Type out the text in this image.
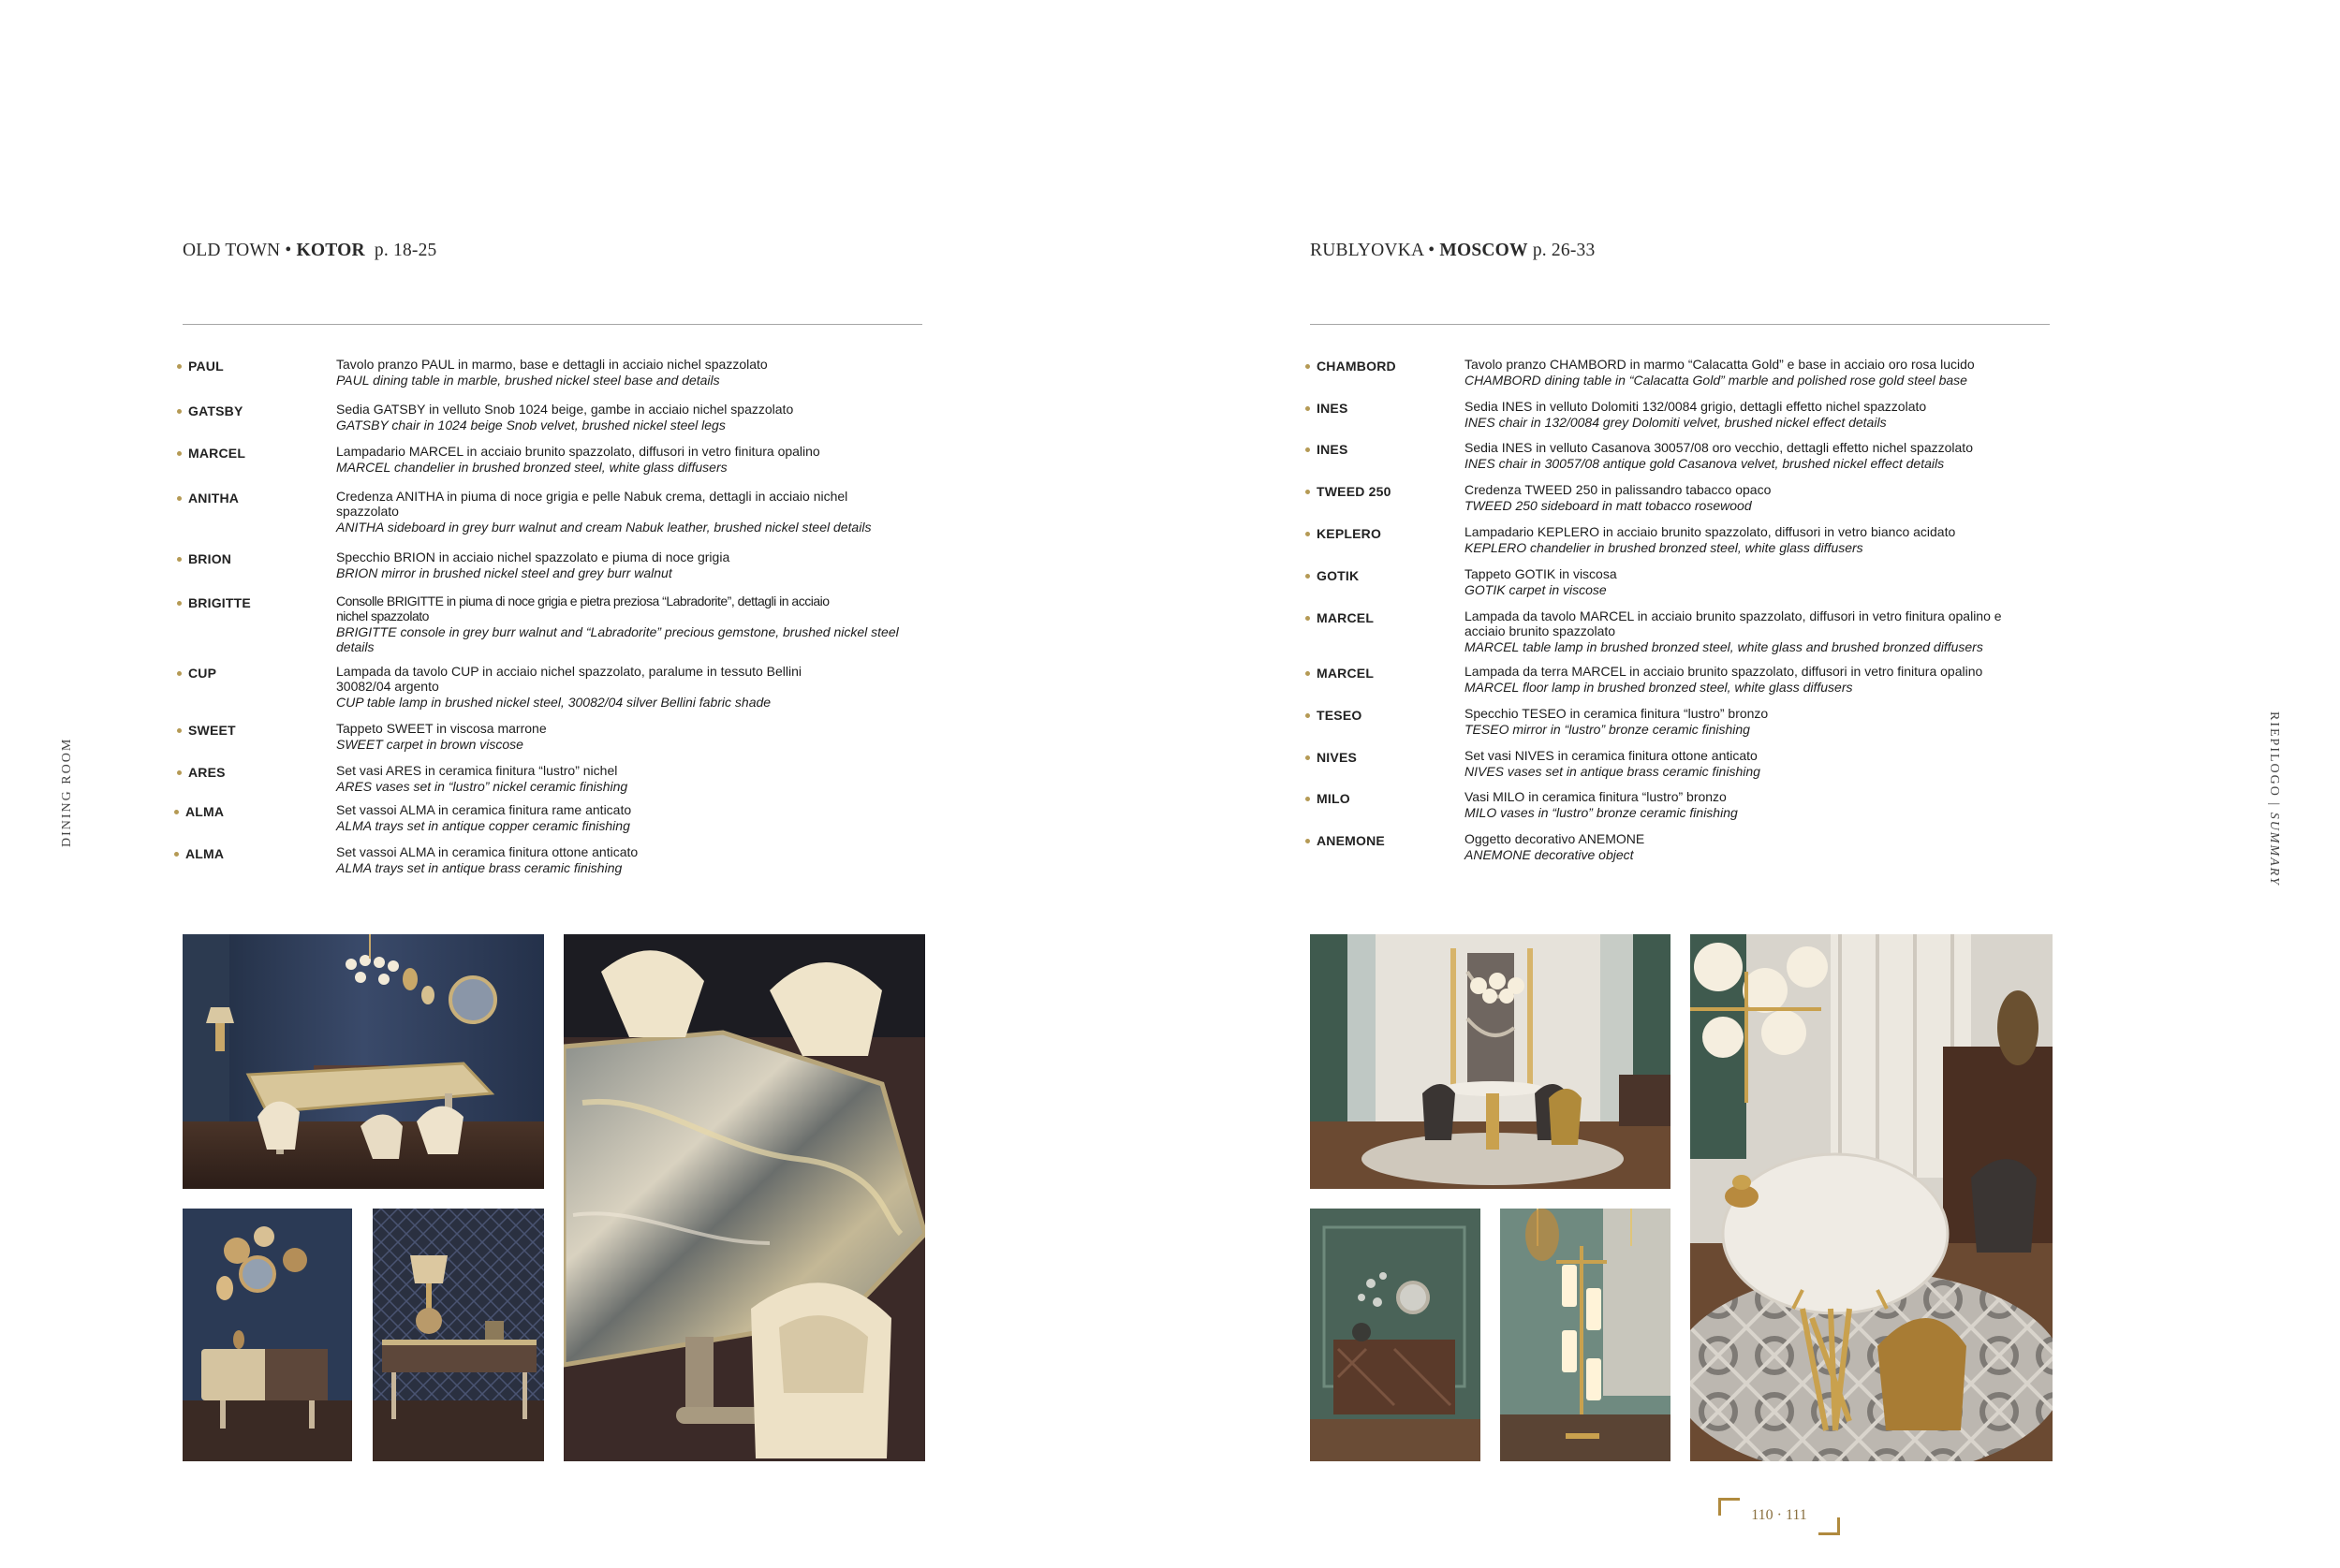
OLD TOWN • KOTOR  p. 18-25
PAUL	Tavolo pranzo PAUL in marmo, base e dettagli in acciaio nichel spazzolato
PAUL dining table in marble, brushed nickel steel base and details
GATSBY	Sedia GATSBY in velluto Snob 1024 beige, gambe in acciaio nichel spazzolato
GATSBY chair in 1024 beige Snob velvet, brushed nickel steel legs
MARCEL	Lampadario MARCEL in acciaio brunito spazzolato, diffusori in vetro finitura opalino
MARCEL chandelier in brushed bronzed steel, white glass diffusers
ANITHA	Credenza ANITHA in piuma di noce grigia e pelle Nabuk crema, dettagli in acciaio nichel spazzolato
ANITHA sideboard in grey burr walnut and cream Nabuk leather, brushed nickel steel details
BRION	Specchio BRION in acciaio nichel spazzolato e piuma di noce grigia
BRION mirror in brushed nickel steel and grey burr walnut
BRIGITTE	Consolle BRIGITTE in piuma di noce grigia e pietra preziosa “Labradorite”, dettagli in acciaio nichel spazzolato
BRIGITTE console in grey burr walnut and “Labradorite” precious gemstone, brushed nickel steel details
CUP	Lampada da tavolo CUP in acciaio nichel spazzolato, paralume in tessuto Bellini 30082/04 argento
CUP table lamp in brushed nickel steel, 30082/04 silver Bellini fabric shade
SWEET	Tappeto SWEET in viscosa marrone
SWEET carpet in brown viscose
ARES	Set vasi ARES in ceramica finitura “lustro” nichel
ARES vases set in “lustro” nickel ceramic finishing
ALMA	Set vassoi ALMA in ceramica finitura rame anticato
ALMA trays set in antique copper ceramic finishing
ALMA	Set vassoi ALMA in ceramica finitura ottone anticato
ALMA trays set in antique brass ceramic finishing
DINING ROOM
RUBLYOVKA • MOSCOW p. 26-33
CHAMBORD	Tavolo pranzo CHAMBORD in marmo “Calacatta Gold” e base in acciaio oro rosa lucido
CHAMBORD dining table in “Calacatta Gold” marble and polished rose gold steel base
INES	Sedia INES in velluto Dolomiti 132/0084 grigio, dettagli effetto nichel spazzolato
INES chair in 132/0084 grey Dolomiti velvet, brushed nickel effect details
INES	Sedia INES in velluto Casanova 30057/08 oro vecchio, dettagli effetto nichel spazzolato
INES chair in 30057/08 antique gold Casanova velvet, brushed nickel effect details
TWEED 250	Credenza TWEED 250 in palissandro tabacco opaco
TWEED 250 sideboard in matt tobacco rosewood
KEPLERO	Lampadario KEPLERO in acciaio brunito spazzolato, diffusori in vetro bianco acidato
KEPLERO chandelier in brushed bronzed steel, white glass diffusers
GOTIK	Tappeto GOTIK in viscosa
GOTIK carpet in viscose
MARCEL	Lampada da tavolo MARCEL in acciaio brunito spazzolato, diffusori in vetro finitura opalino e acciaio brunito spazzolato
MARCEL table lamp in brushed bronzed steel, white glass and brushed bronzed diffusers
MARCEL	Lampada da terra MARCEL in acciaio brunito spazzolato, diffusori in vetro finitura opalino
MARCEL floor lamp in brushed bronzed steel, white glass diffusers
TESEO	Specchio TESEO in ceramica finitura “lustro” bronzo
TESEO mirror in “lustro” bronze ceramic finishing
NIVES	Set vasi NIVES in ceramica finitura ottone anticato
NIVES vases set in antique brass ceramic finishing
MILO	Vasi MILO in ceramica finitura “lustro” bronzo
MILO vases in “lustro” bronze ceramic finishing
ANEMONE	Oggetto decorativo ANEMONE
ANEMONE decorative object
RIEPILOGO | SUMMARY
110 · 111
